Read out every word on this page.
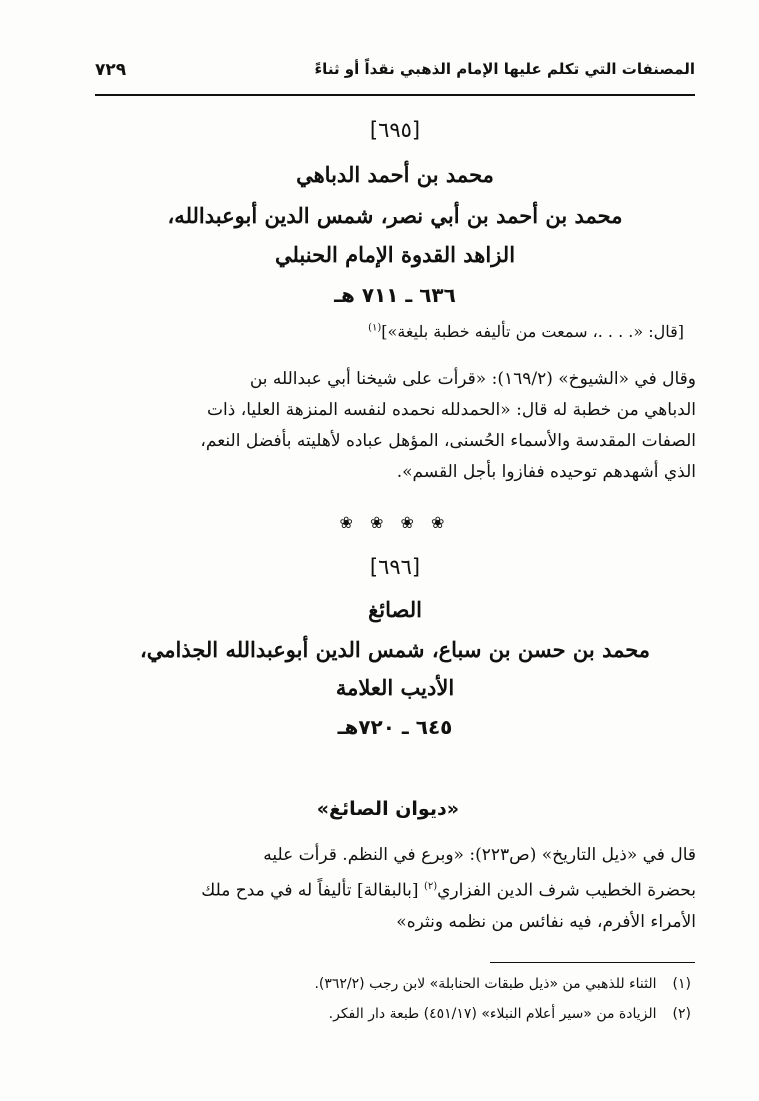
المصنفات التي تكلم عليها الإمام الذهبي نقداً أو ثناءً
٧٢٩
[٦٩٥]
محمد بن أحمد الدباهي
محمد بن أحمد بن أبي نصر، شمس الدين أبوعبدالله،
الزاهد القدوة الإمام الحنبلي
٦٣٦ ـ ٧١١ هـ
[قال: «. . . .، سمعت من تأليفه خطبة بليغة»]$^{(١)}$
وقال في «الشيوخ» (١٦٩/٢): «قرأت على شيخنا أبي عبدالله بن
الدباهي من خطبة له قال: «الحمدلله نحمده لنفسه المنزهة العليا، ذات
الصفات المقدسة والأسماء الحُسنى، المؤهل عباده لأهليته بأفضل النعم،
الذي أشهدهم توحيده ففازوا بأجل القسم».
❀ ❀ ❀ ❀
[٦٩٦]
الصائغ
محمد بن حسن بن سباع، شمس الدين أبوعبدالله الجذامي،
الأديب العلامة
٦٤٥ ـ ٧٢٠هـ
«ديوان الصائغ»
قال في «ذيل التاريخ» (ص٢٢٣): «وبرع في النظم. قرأت عليه
بحضرة الخطيب شرف الدين الفزاري$^{(٢)}$ [بالبقالة] تأليفاً له في مدح ملك
الأمراء الأفرم، فيه نفائس من نظمه ونثره»
(١) الثناء للذهبي من «ذيل طبقات الحنابلة» لابن رجب (٣٦٢/٢).
(٢) الزيادة من «سير أعلام النبلاء» (٤٥١/١٧) طبعة دار الفكر.
